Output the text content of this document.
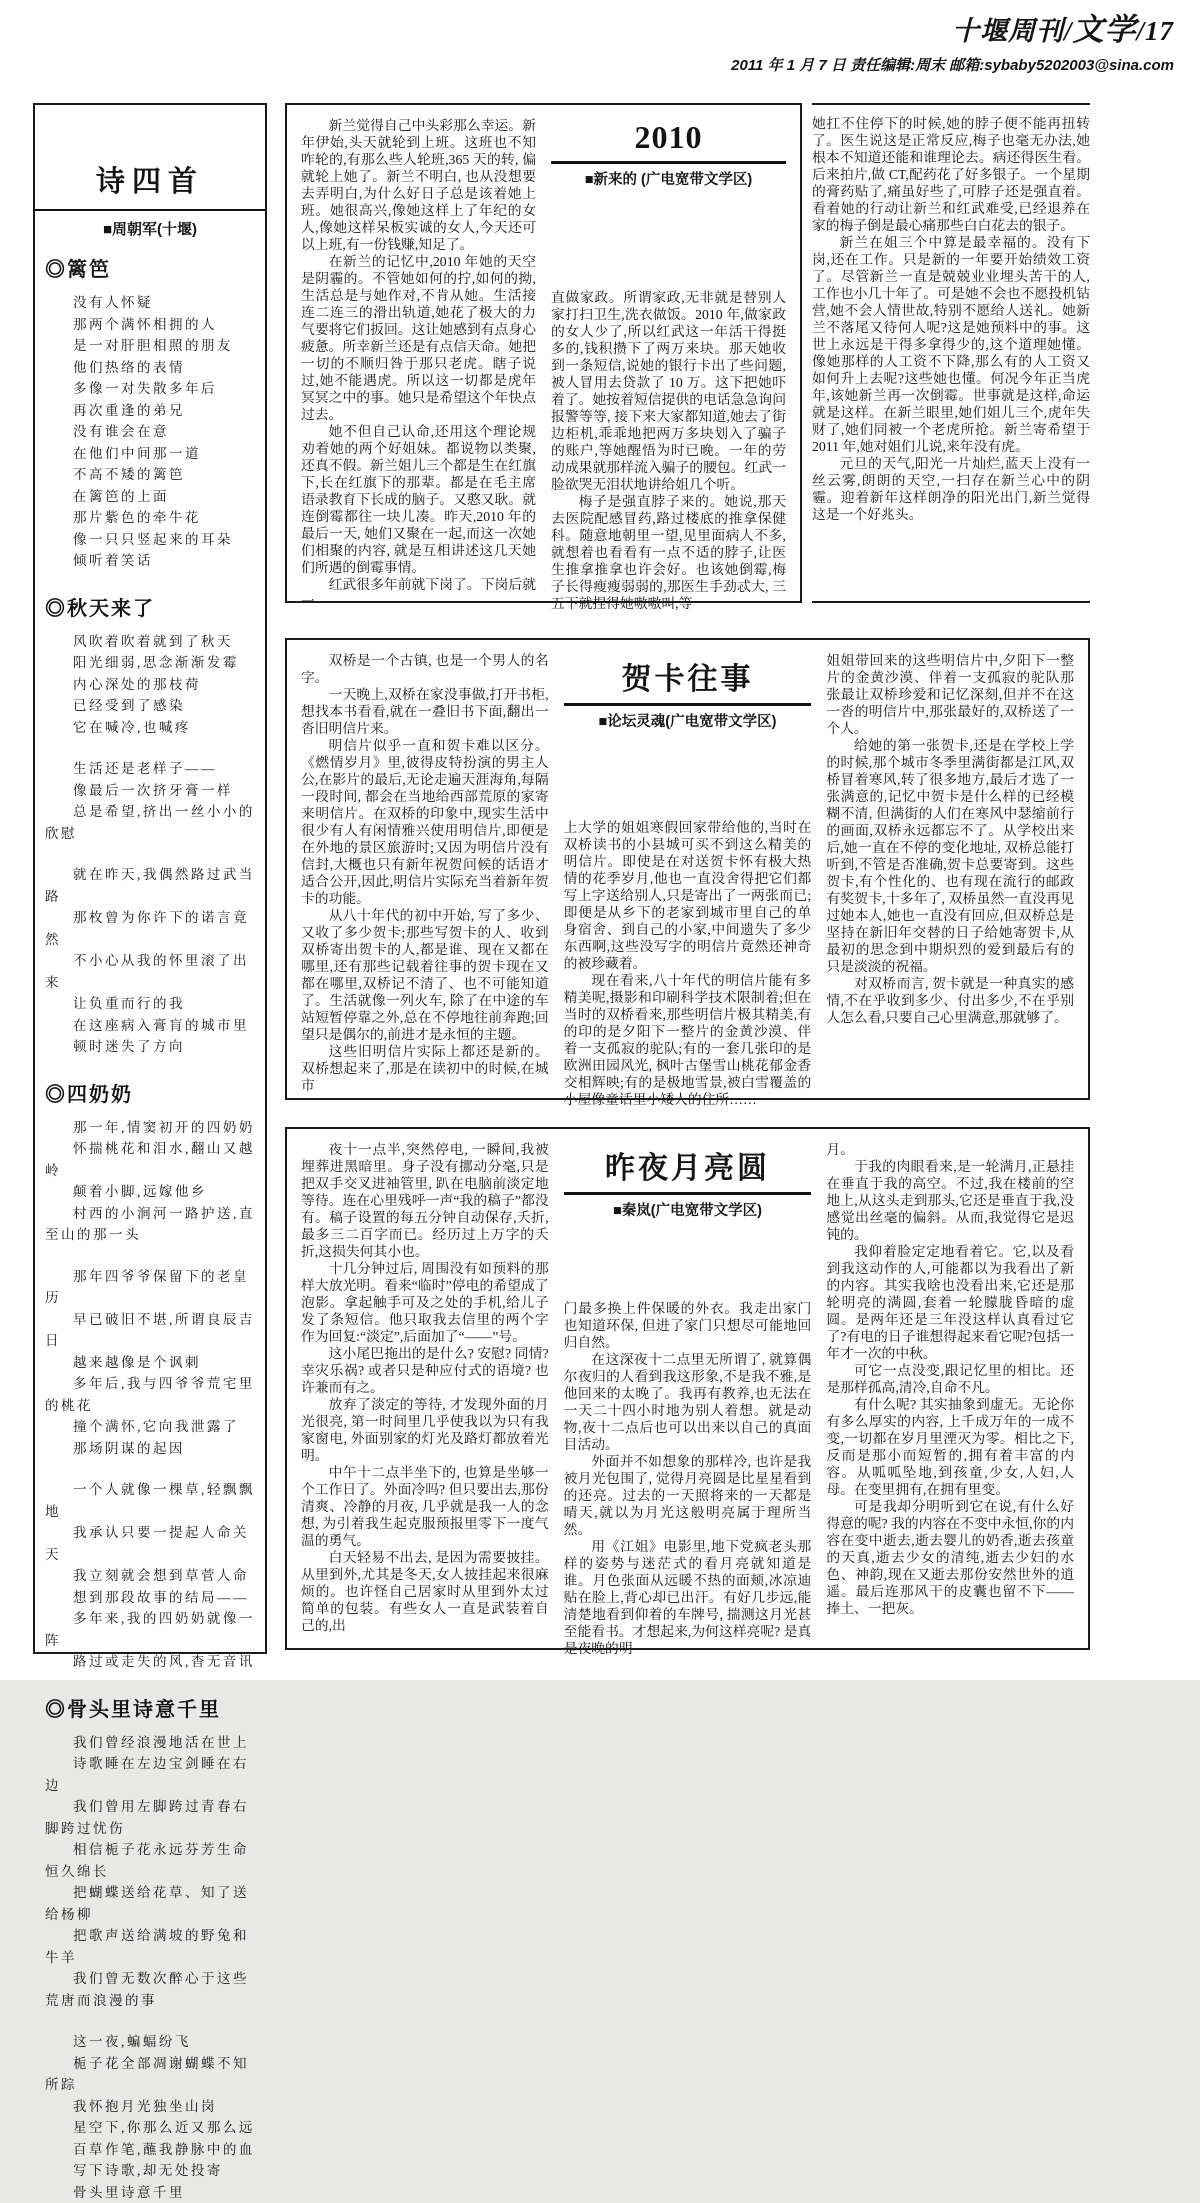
十堰周刊/文学/17
2011 年 1 月 7 日 责任编辑:周末 邮箱:sybaby5202003@sina.com
诗四首
■周朝军(十堰)
◎篱笆
没有人怀疑
那两个满怀相拥的人
是一对肝胆相照的朋友
他们热络的表情
多像一对失散多年后
再次重逢的弟兄
没有谁会在意
在他们中间那一道
不高不矮的篱笆
在篱笆的上面
那片紫色的牵牛花
像一只只竖起来的耳朵
倾听着笑话
◎秋天来了
风吹着吹着就到了秋天
阳光细弱,思念渐渐发霉
内心深处的那枝荷
已经受到了感染
它在喊冷,也喊疼
生活还是老样子——
像最后一次挤牙膏一样
总是希望,挤出一丝小小的欣慰
就在昨天,我偶然路过武当路
那枚曾为你许下的诺言竟然
不小心从我的怀里滚了出来
让负重而行的我
在这座病入膏肓的城市里
顿时迷失了方向
◎四奶奶
那一年,情窦初开的四奶奶
怀揣桃花和泪水,翻山又越岭
颠着小脚,远嫁他乡
村西的小涧河一路护送,直至山的那一头
那年四爷爷保留下的老皇历
早已破旧不堪,所谓良辰吉日
越来越像是个讽刺
多年后,我与四爷爷荒宅里的桃花
撞个满怀,它向我泄露了
那场阴谋的起因
一个人就像一棵草,轻飘飘地
我承认只要一提起人命关天
我立刻就会想到草菅人命
想到那段故事的结局——
多年来,我的四奶奶就像一阵
路过或走失的风,杳无音讯
◎骨头里诗意千里
我们曾经浪漫地活在世上
诗歌睡在左边宝剑睡在右边
我们曾用左脚跨过青春右脚跨过忧伤
相信栀子花永远芬芳生命恒久绵长
把蝴蝶送给花草、知了送给杨柳
把歌声送给满坡的野兔和牛羊
我们曾无数次醉心于这些荒唐而浪漫的事
这一夜,蝙蝠纷飞
栀子花全部凋谢蝴蝶不知所踪
我怀抱月光独坐山岗
星空下,你那么近又那么远
百草作笔,蘸我静脉中的血
写下诗歌,却无处投寄
骨头里诗意千里

新兰觉得自己中头彩那么幸运。新年伊始,头天就轮到上班。这班也不知咋轮的,有那么些人轮班,365 天的转, 偏就轮上她了。新兰不明白, 也从没想要去弄明白,为什么好日子总是该着她上班。她很高兴,像她这样上了年纪的女人,像她这样呆板实诚的女人,今天还可以上班,有一份钱赚,知足了。

在新兰的记忆中,2010 年她的天空是阴霾的。不管她如何的拧,如何的拗,生活总是与她作对,不肯从她。生活接连二连三的滑出轨道,她花了极大的力气要将它们扳回。这让她感到有点身心疲惫。所幸新兰还是有点信天命。她把一切的不顺归咎于那只老虎。瞎子说过,她不能遇虎。所以这一切都是虎年冥冥之中的事。她只是希望这个年快点过去。

她不但自己认命,还用这个理论规劝着她的两个好姐妹。都说物以类聚,还真不假。新兰姐儿三个都是生在红旗下,长在红旗下的那辈。都是在毛主席语录教育下长成的脑子。又憨又耿。就连倒霉都往一块儿凑。昨天,2010 年的最后一天, 她们又聚在一起,而这一次她们相聚的内容, 就是互相讲述这几天她们所遇的倒霉事情。

红武很多年前就下岗了。下岗后就一

2010
■新来的 (广电宽带文学区)

直做家政。所谓家政,无非就是替别人家打扫卫生,洗衣做饭。2010 年,做家政的女人少了,所以红武这一年活干得挺多的,钱积攒下了两万来块。那天她收到一条短信,说她的银行卡出了些问题,被人冒用去贷款了 10 万。这下把她吓着了。她按着短信提供的电话急急询问报警等等, 接下来大家都知道,她去了街边柜机,乖乖地把两万多块划入了骗子的账户,等她醒悟为时已晚。一年的劳动成果就那样流入骗子的腰包。红武一脸欲哭无泪状地讲给姐几个听。

梅子是强直脖子来的。她说,那天去医院配感冒药,路过楼底的推拿保健科。随意地朝里一望,见里面病人不多,就想着也看看有一点不适的脖子,让医生推拿推拿也许会好。也该她倒霉,梅子长得瘦瘦弱弱的,那医生手劲忒大, 三五下就捏得她嗷嗷叫,等

她扛不住停下的时候,她的脖子便不能再扭转了。医生说这是正常反应,梅子也毫无办法,她根本不知道还能和谁理论去。病还得医生看。后来拍片,做 CT,配药花了好多银子。一个星期的膏药贴了,痛虽好些了,可脖子还是强直着。看着她的行动让新兰和红武难受,已经退养在家的梅子倒是最心痛那些白白花去的银子。

新兰在姐三个中算是最幸福的。没有下岗,还在工作。只是新的一年要开始绩效工资了。尽管新兰一直是兢兢业业埋头苦干的人,工作也小几十年了。可是她不会也不愿投机钻营,她不会人情世故,特别不愿给人送礼。她新兰不落尾又待何人呢?这是她预料中的事。这世上永远是干得多拿得少的,这个道理她懂。像她那样的人工资不下降,那么有的人工资又如何升上去呢?这些她也懂。何况今年正当虎年,该她新兰再一次倒霉。世事就是这样,命运就是这样。在新兰眼里,她们姐儿三个,虎年失财了,她们同被一个老虎所抢。新兰寄希望于 2011 年,她对姐们儿说,来年没有虎。

元旦的天气,阳光一片灿烂,蓝天上没有一丝云雾,朗朗的天空,一扫存在新兰心中的阴霾。迎着新年这样朗净的阳光出门,新兰觉得这是一个好兆头。

双桥是一个古镇, 也是一个男人的名字。

一天晚上,双桥在家没事做,打开书柜,想找本书看看,就在一叠旧书下面,翻出一沓旧明信片来。

明信片似乎一直和贺卡难以区分。《燃情岁月》里,彼得皮特扮演的男主人公,在影片的最后,无论走遍天涯海角,每隔一段时间, 都会在当地给西部荒原的家寄来明信片。在双桥的印象中,现实生活中很少有人有闲情雅兴使用明信片,即便是在外地的景区旅游时;又因为明信片没有信封,大概也只有新年祝贺问候的话语才适合公开,因此,明信片实际充当着新年贺卡的功能。

从八十年代的初中开始, 写了多少、又收了多少贺卡;那些写贺卡的人、收到双桥寄出贺卡的人,都是谁、现在又都在哪里,还有那些记载着往事的贺卡现在又都在哪里,双桥记不清了、也不可能知道了。生活就像一列火车, 除了在中途的车站短暂停靠之外,总在不停地往前奔跑;回望只是偶尔的,前进才是永恒的主题。

这些旧明信片实际上都还是新的。双桥想起来了,那是在读初中的时候,在城市

贺卡往事
■论坛灵魂(广电宽带文学区)

上大学的姐姐寒假回家带给他的,当时在双桥读书的小县城可买不到这么精美的明信片。即使是在对送贺卡怀有极大热情的花季岁月,他也一直没舍得把它们都写上字送给别人,只是寄出了一两张而已;即便是从乡下的老家到城市里自己的单身宿舍、到自己的小家,中间遗失了多少东西啊,这些没写字的明信片竟然还神奇的被珍藏着。

现在看来,八十年代的明信片能有多精美呢,摄影和印刷科学技术限制着;但在当时的双桥看来,那些明信片极其精美,有的印的是夕阳下一整片的金黄沙漠、伴着一支孤寂的驼队;有的一套几张印的是欧洲田园风光, 枫叶古堡雪山桃花郁金香交相辉映;有的是极地雪景,被白雪覆盖的小屋像童话里小矮人的住所……

姐姐带回来的这些明信片中,夕阳下一整片的金黄沙漠、伴着一支孤寂的驼队那张最让双桥珍爱和记忆深刻,但并不在这一沓的明信片中,那张最好的,双桥送了一个人。

给她的第一张贺卡,还是在学校上学的时候,那个城市冬季里满街都是江风,双桥冒着寒风,转了很多地方,最后才选了一张满意的,记忆中贺卡是什么样的已经模糊不清, 但满街的人们在寒风中瑟缩前行的画面,双桥永远都忘不了。从学校出来后,她一直在不停的变化地址, 双桥总能打听到,不管是否准确,贺卡总要寄到。这些贺卡,有个性化的、也有现在流行的邮政有奖贺卡,十多年了, 双桥虽然一直没再见过她本人,她也一直没有回应,但双桥总是坚持在新旧年交替的日子给她寄贺卡,从最初的思念到中期炽烈的爱到最后有的只是淡淡的祝福。

对双桥而言, 贺卡就是一种真实的感情,不在乎收到多少、付出多少,不在乎别人怎么看,只要自己心里满意,那就够了。

夜十一点半,突然停电, 一瞬间,我被埋葬进黑暗里。身子没有挪动分毫,只是把双手交叉进袖管里, 趴在电脑前淡定地等待。连在心里残呼一声“我的稿子”都没有。稿子设置的每五分钟自动保存,夭折,最多三二百字而已。经历过上万字的夭折,这损失何其小也。

十几分钟过后, 周围没有如预料的那样大放光明。看来“临时”停电的希望成了泡影。拿起触手可及之处的手机,给儿子发了条短信。他只取我去信里的两个字作为回复:“淡定”,后面加了“——”号。

这小尾巴拖出的是什么? 安慰? 同情? 幸灾乐祸? 或者只是种应付式的语境? 也许兼而有之。

放弃了淡定的等待, 才发现外面的月光很亮, 第一时间里几乎使我以为只有我家窗电, 外面别家的灯光及路灯都放着光明。

中午十二点半坐下的, 也算是坐够一个工作日了。外面冷吗? 但只要出去,那份清爽、冷静的月夜, 几乎就是我一人的念想, 为引着我生起克服预报里零下一度气温的勇气。

白天轻易不出去, 是因为需要披挂。从里到外,尤其是冬天,女人披挂起来很麻烦的。也许怪自己居家时从里到外太过简单的包装。有些女人一直是武装着自己的,出

昨夜月亮圆
■秦岚(广电宽带文学区)

门最多换上件保暖的外衣。我走出家门也知道环保, 但进了家门只想尽可能地回归自然。

在这深夜十二点里无所谓了, 就算偶尔夜归的人看到我这形象,不是我不雅,是他回来的太晚了。我再有教养,也无法在一天二十四小时地为别人着想。就是动物,夜十二点后也可以出来以自己的真面目活动。

外面并不如想象的那样冷, 也许是我被月光包围了, 觉得月亮圆是比星星看到的还亮。过去的一天照将来的一天都是晴天,就以为月光这般明亮属于理所当然。

用《江姐》电影里,地下党疯老头那样的姿势与迷茫式的看月亮就知道是谁。月色张面从远暖不热的面颊,冰凉迪贴在脸上,背心却已出汗。有好几步远,能清楚地看到仰着的车牌号, 揣测这月光甚至能看书。才想起来,为何这样亮呢? 是真是夜晚的明

月。

于我的肉眼看来,是一轮满月,正悬挂在垂直于我的高空。不过,我在楼前的空地上,从这头走到那头,它还是垂直于我,没感觉出丝毫的偏斜。从而,我觉得它是迟钝的。

我仰着脸定定地看着它。它,以及看到我这动作的人,可能都以为我看出了新的内容。其实我啥也没看出来,它还是那轮明亮的满圆,套着一轮朦胧昏暗的虚圆。是两年还是三年没这样认真看过它了?有电的日子谁想得起来看它呢?包括一年才一次的中秋。

可它一点没变,跟记忆里的相比。还是那样孤高,清冷,自命不凡。

有什么呢? 其实抽象到虚无。无论你有多么厚实的内容, 上千成万年的一成不变,一切都在岁月里湮灭为零。相比之下,反而是那小而短暂的,拥有着丰富的内容。从呱呱坠地,到孩童,少女,人妇,人母。在变里拥有,在拥有里变。

可是我却分明听到它在说,有什么好得意的呢? 我的内容在不变中永恒,你的内容在变中逝去,逝去婴儿的奶香,逝去孩童的天真,逝去少女的清纯,逝去少妇的水色、神韵,现在又逝去那份安然世外的逍遥。最后连那风干的皮囊也留不下——捧土、一把灰。
